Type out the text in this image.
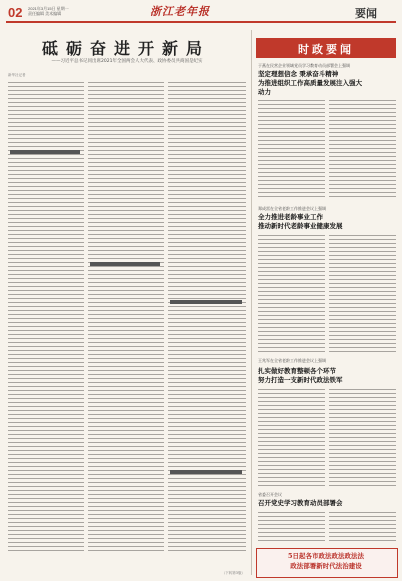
02 2021年3月15日 星期一
责任编辑 美术编辑	浙江老年报	要闻
砥砺奋进开新局
——习近平总书记同出席2021年全国两会人大代表、政协委员共商国是纪实
新华社记者
时政要闻
于燕在民营企业领域党员学习教育动员部署会上强调
坚定理想信念 秉承奋斗精神
为推进组织工作高质量发展注入强大
动力
郑成雷在全省老龄工作推进会议上强调
全力推进老龄事业工作
推动新时代老龄事业健康发展
王兆军在全省老龄工作推进会议上强调
扎实做好教育整顿各个环节
努力打造一支新时代政法铁军
省委召开会议
召开党史学习教育动员部署会
5日起各市政法政法政法法
政法部署新时代法治建设
（下转第3版）
